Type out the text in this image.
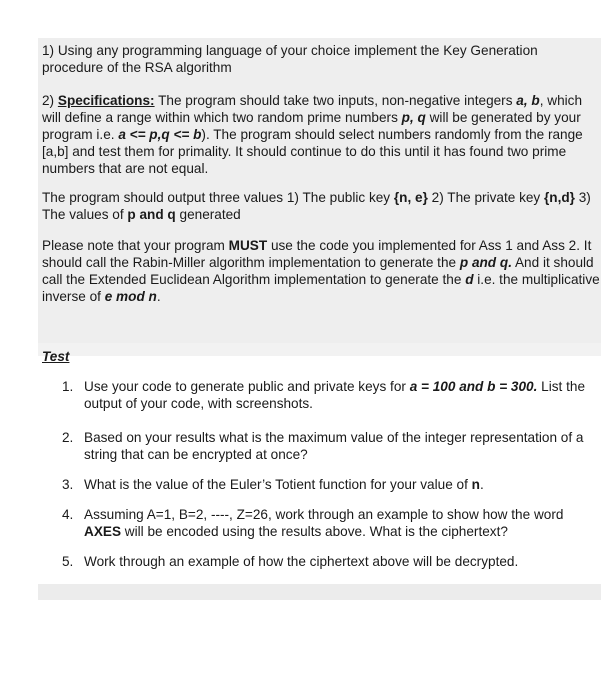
1) Using any programming language of your choice implement the Key Generation procedure of the RSA algorithm

2) Specifications: The program should take two inputs, non-negative integers a, b, which will define a range within which two random prime numbers p, q will be generated by your program i.e. a <= p,q <= b). The program should select numbers randomly from the range [a,b] and test them for primality. It should continue to do this until it has found two prime numbers that are not equal.

The program should output three values 1) The public key {n, e} 2) The private key {n,d} 3) The values of p and q generated

Please note that your program MUST use the code you implemented for Ass 1 and Ass 2. It should call the Rabin-Miller algorithm implementation to generate the p and q. And it should call the Extended Euclidean Algorithm implementation to generate the d i.e. the multiplicative inverse of e mod n.

Test
1. Use your code to generate public and private keys for a = 100 and b = 300. List the output of your code, with screenshots.
2. Based on your results what is the maximum value of the integer representation of a string that can be encrypted at once?
3. What is the value of the Euler’s Totient function for your value of n.
4. Assuming A=1, B=2, ----, Z=26, work through an example to show how the word AXES will be encoded using the results above. What is the ciphertext?
5. Work through an example of how the ciphertext above will be decrypted.
